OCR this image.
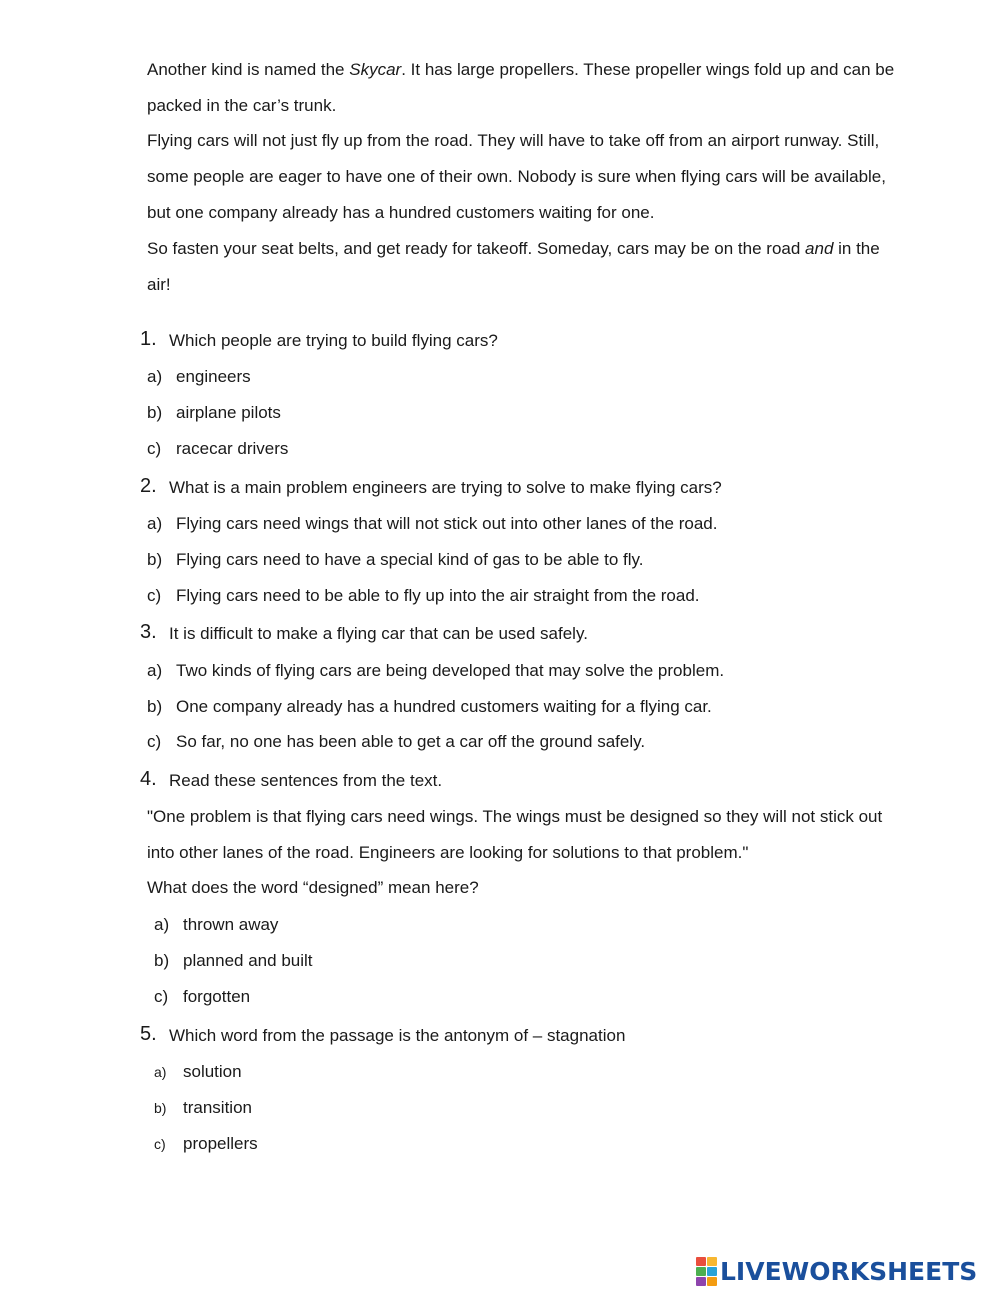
Another kind is named the Skycar. It has large propellers. These propeller wings fold up and can be
packed in the car’s trunk.
Flying cars will not just fly up from the road. They will have to take off from an airport runway. Still,
some people are eager to have one of their own. Nobody is sure when flying cars will be available,
but one company already has a hundred customers waiting for one.
So fasten your seat belts, and get ready for takeoff. Someday, cars may be on the road and in the
air!
1. Which people are trying to build flying cars?
a) engineers
b) airplane pilots
c) racecar drivers
2. What is a main problem engineers are trying to solve to make flying cars?
a) Flying cars need wings that will not stick out into other lanes of the road.
b) Flying cars need to have a special kind of gas to be able to fly.
c) Flying cars need to be able to fly up into the air straight from the road.
3. It is difficult to make a flying car that can be used safely.
a) Two kinds of flying cars are being developed that may solve the problem.
b) One company already has a hundred customers waiting for a flying car.
c) So far, no one has been able to get a car off the ground safely.
4. Read these sentences from the text.
"One problem is that flying cars need wings. The wings must be designed so they will not stick out
into other lanes of the road. Engineers are looking for solutions to that problem."
What does the word “designed” mean here?
a) thrown away
b) planned and built
c) forgotten
5. Which word from the passage is the antonym of – stagnation
a) solution
b) transition
c) propellers
LIVEWORKSHEETS
